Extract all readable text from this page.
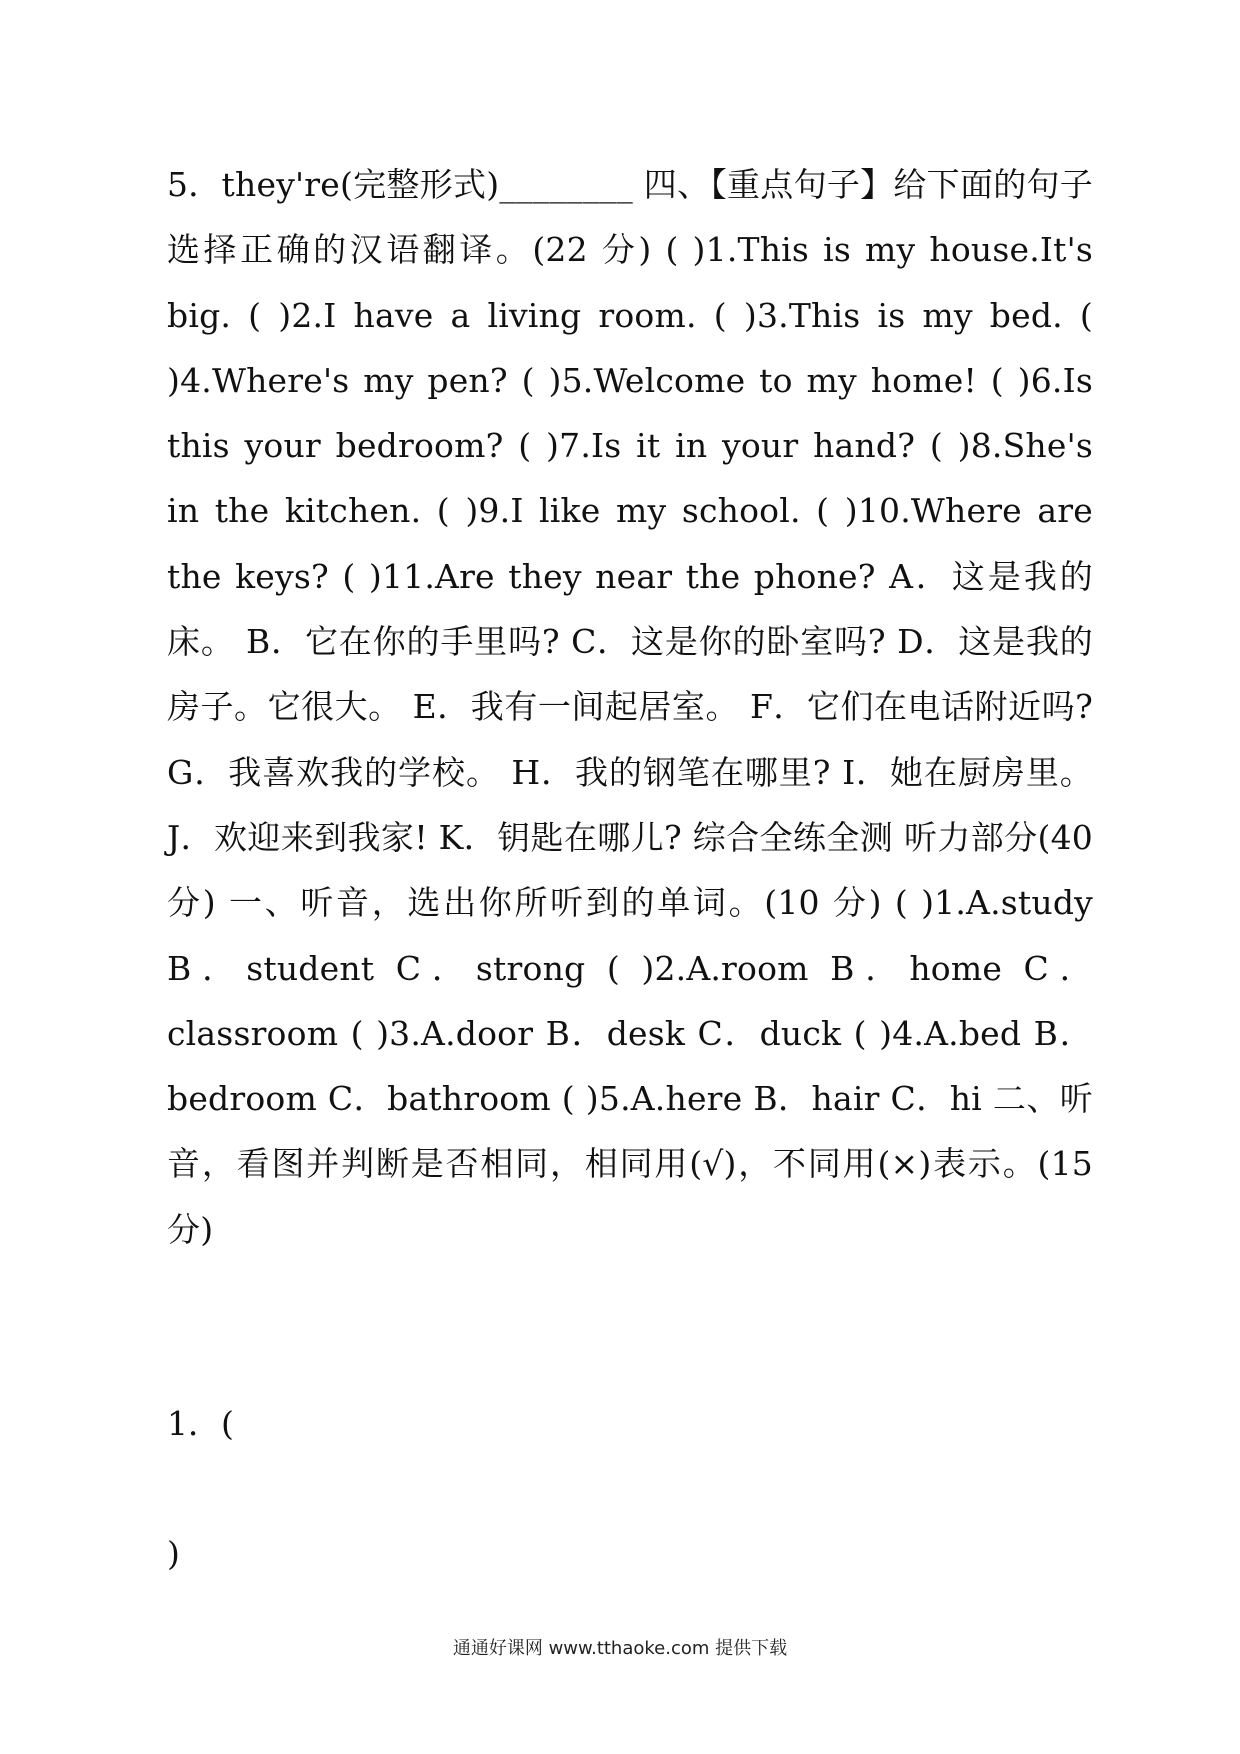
5．they're(完整形式)________ 四、【重点句子】给下面的句子选择正确的汉语翻译。(22 分) ( )1.This is my house.It's big. ( )2.I have a living room. ( )3.This is my bed. ( )4.Where's my pen? ( )5.Welcome to my home! ( )6.Is this your bedroom? ( )7.Is it in your hand? ( )8.She's in the kitchen. ( )9.I like my school. ( )10.Where are the keys? ( )11.Are they near the phone? A．这是我的床。 B．它在你的手里吗? C．这是你的卧室吗? D．这是我的房子。它很大。 E．我有一间起居室。 F．它们在电话附近吗? G．我喜欢我的学校。 H．我的钢笔在哪里? I．她在厨房里。 J．欢迎来到我家! K．钥匙在哪儿? 综合全练全测 听力部分(40 分) 一、听音，选出你所听到的单词。(10 分) ( )1.A.study B．student C．strong ( )2.A.room B．home C．classroom ( )3.A.door B．desk C．duck ( )4.A.bed B．bedroom C．bathroom ( )5.A.here B．hair C．hi 二、听音，看图并判断是否相同，相同用(√)，不同用(×)表示。(15 分)

1．(
)
通通好课网 www.tthaoke.com 提供下载
